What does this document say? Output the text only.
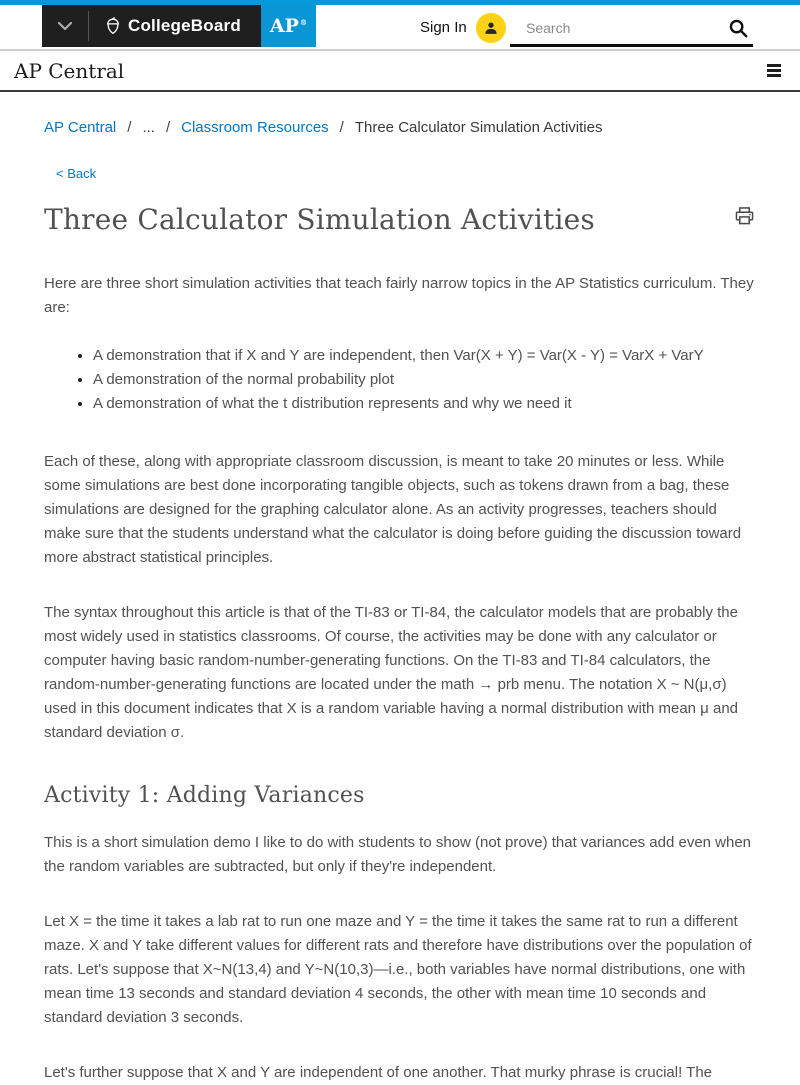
CollegeBoard AP®	Sign In
Search
AP Central
AP Central / ... / Classroom Resources / Three Calculator Simulation Activities
< Back
Three Calculator Simulation Activities

Here are three short simulation activities that teach fairly narrow topics in the AP Statistics curriculum. They are:

• A demonstration that if X and Y are independent, then Var(X + Y) = Var(X - Y) = VarX + VarY
• A demonstration of the normal probability plot
• A demonstration of what the t distribution represents and why we need it

Each of these, along with appropriate classroom discussion, is meant to take 20 minutes or less. While some simulations are best done incorporating tangible objects, such as tokens drawn from a bag, these simulations are designed for the graphing calculator alone. As an activity progresses, teachers should make sure that the students understand what the calculator is doing before guiding the discussion toward more abstract statistical principles.

The syntax throughout this article is that of the TI-83 or TI-84, the calculator models that are probably the most widely used in statistics classrooms. Of course, the activities may be done with any calculator or computer having basic random-number-generating functions. On the TI-83 and TI-84 calculators, the random-number-generating functions are located under the math → prb menu. The notation X ~ N(μ,σ) used in this document indicates that X is a random variable having a normal distribution with mean μ and standard deviation σ.

Activity 1: Adding Variances

This is a short simulation demo I like to do with students to show (not prove) that variances add even when the random variables are subtracted, but only if they're independent.

Let X = the time it takes a lab rat to run one maze and Y = the time it takes the same rat to run a different maze. X and Y take different values for different rats and therefore have distributions over the population of rats. Let's suppose that X~N(13,4) and Y~N(10,3)—i.e., both variables have normal distributions, one with mean time 13 seconds and standard deviation 4 seconds, the other with mean time 10 seconds and standard deviation 3 seconds.

Let's further suppose that X and Y are independent of one another. That murky phrase is crucial! The
